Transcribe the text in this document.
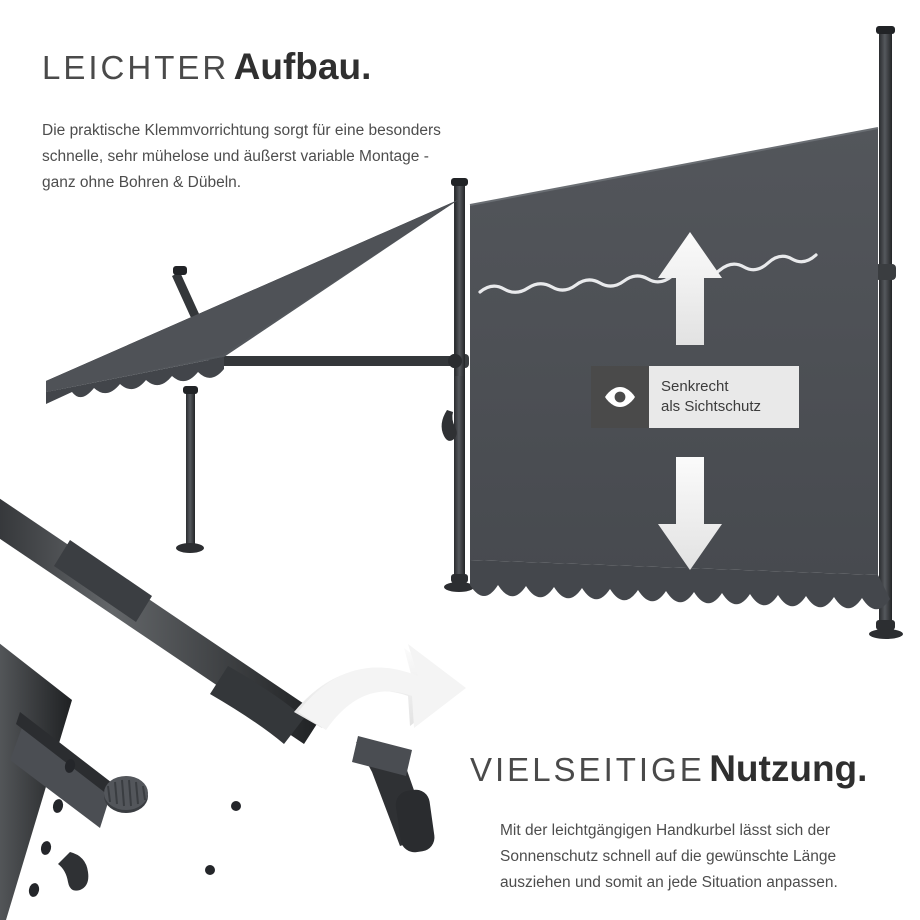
Senkrecht
als Sichtschutz
LEICHTER Aufbau.
Die praktische Klemmvorrichtung sorgt für eine besonders schnelle, sehr mühelose und äußerst variable Montage - ganz ohne Bohren & Dübeln.
VIELSEITIGE Nutzung.
Mit der leichtgängigen Handkurbel lässt sich der Sonnenschutz schnell auf die gewünschte Länge ausziehen und somit an jede Situation anpassen.
